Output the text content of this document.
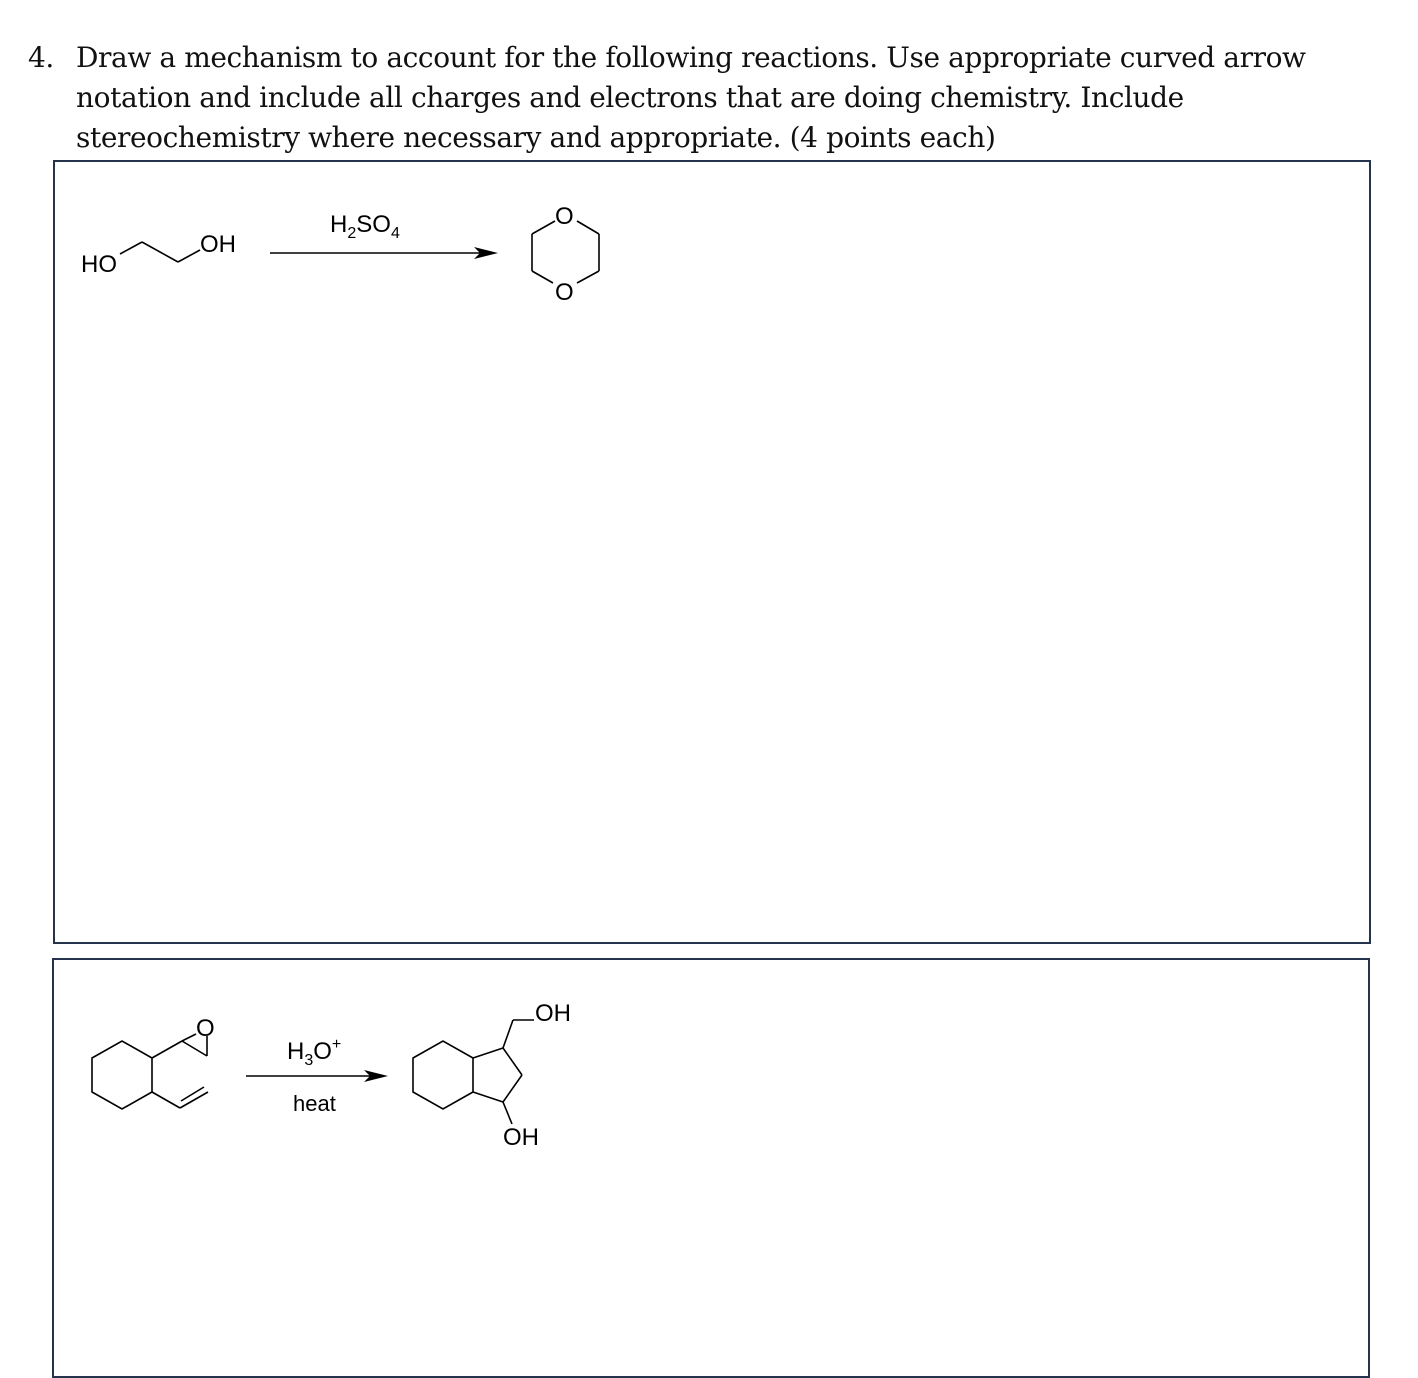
4. Draw a mechanism to account for the following reactions. Use appropriate curved arrow
notation and include all charges and electrons that are doing chemistry. Include
stereochemistry where necessary and appropriate. (4 points each)
HO
OH
$H_2SO_4$
O
O
O
$H_3O^+$
heat
OH
OH
